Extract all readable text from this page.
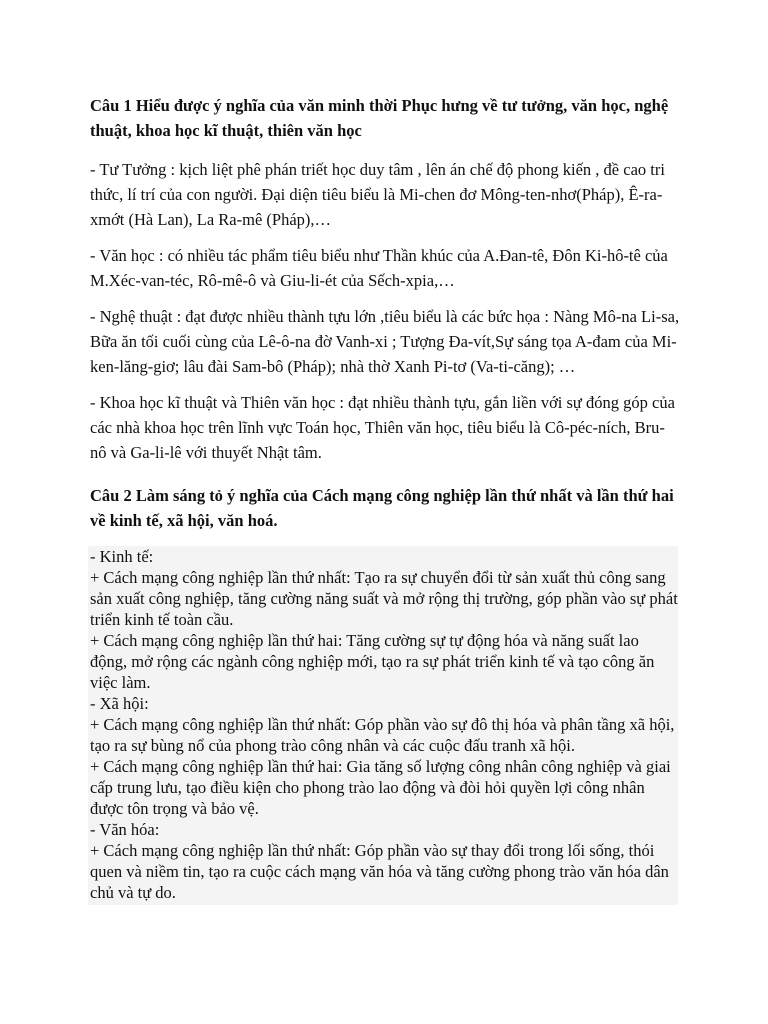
Câu 1 Hiểu được ý nghĩa của văn minh thời Phục hưng về tư tưởng, văn học, nghệ thuật, khoa học kĩ thuật, thiên văn học

- Tư Tưởng : kịch liệt phê phán triết học duy tâm , lên án chế độ phong kiến , đề cao tri thức, lí trí của con người. Đại diện tiêu biểu là Mi-chen đơ Mông-ten-nhơ(Pháp), Ê-ra-xmớt (Hà Lan), La Ra-mê (Pháp),…

- Văn học : có nhiều tác phẩm tiêu biểu như Thần khúc của A.Đan-tê, Đôn Ki-hô-tê của M.Xéc-van-téc, Rô-mê-ô và Giu-li-ét của Sếch-xpia,…

- Nghệ thuật : đạt được nhiều thành tựu lớn ,tiêu biểu là các bức họa : Nàng Mô-na Li-sa, Bữa ăn tối cuối cùng của Lê-ô-na đờ Vanh-xi ; Tượng Đa-vít,Sự sáng tọa A-đam của Mi-ken-lăng-giơ; lâu đài Sam-bô (Pháp); nhà thờ Xanh Pi-tơ (Va-ti-căng); …

- Khoa học kĩ thuật và Thiên văn học : đạt nhiều thành tựu, gắn liền với sự đóng góp của các nhà khoa học trên lĩnh vực Toán học, Thiên văn học, tiêu biểu là Cô-péc-ních, Bru-nô và Ga-li-lê với thuyết Nhật tâm.

Câu 2 Làm sáng tỏ ý nghĩa của Cách mạng công nghiệp lần thứ nhất và lần thứ hai về kinh tế, xã hội, văn hoá.

- Kinh tế:

+ Cách mạng công nghiệp lần thứ nhất: Tạo ra sự chuyển đổi từ sản xuất thủ công sang sản xuất công nghiệp, tăng cường năng suất và mở rộng thị trường, góp phần vào sự phát triển kinh tế toàn cầu.

+ Cách mạng công nghiệp lần thứ hai: Tăng cường sự tự động hóa và năng suất lao động, mở rộng các ngành công nghiệp mới, tạo ra sự phát triển kinh tế và tạo công ăn việc làm.

- Xã hội:

+ Cách mạng công nghiệp lần thứ nhất: Góp phần vào sự đô thị hóa và phân tầng xã hội, tạo ra sự bùng nổ của phong trào công nhân và các cuộc đấu tranh xã hội.

+ Cách mạng công nghiệp lần thứ hai: Gia tăng số lượng công nhân công nghiệp và giai cấp trung lưu, tạo điều kiện cho phong trào lao động và đòi hỏi quyền lợi công nhân được tôn trọng và bảo vệ.

- Văn hóa:

+ Cách mạng công nghiệp lần thứ nhất: Góp phần vào sự thay đổi trong lối sống, thói quen và niềm tin, tạo ra cuộc cách mạng văn hóa và tăng cường phong trào văn hóa dân chủ và tự do.
